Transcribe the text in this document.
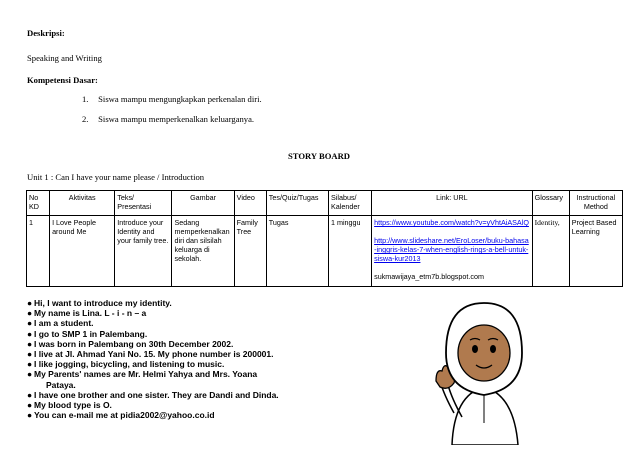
Deskripsi:
Speaking and Writing
Kompetensi Dasar:
1. Siswa mampu mengungkapkan perkenalan diri.
2. Siswa mampu memperkenalkan keluarganya.
STORY BOARD
Unit 1 : Can I have your name please / Introduction
No KD	Aktivitas	Teks/ Presentasi	Gambar	Video	Tes/Quiz/Tugas	Silabus/ Kalender	Link: URL	Glossary	Instructional Method
1	I Love People around Me	Introduce your Identity and your family tree.	Sedang memperkenalkan diri dan silsilah keluarga di sekolah.	Family Tree	Tugas	1 minggu	https://www.youtube.com/watch?v=yVhtAiASAlQ

http://www.slideshare.net/EroLoser/buku-bahasa-inggris-kelas-7-when-english-rings-a-bell-untuk-siswa-kur2013

sukmawijaya_etm7b.blogspot.com	Identity,	Project Based Learning
● Hi, I want to introduce my identity.
● My name is Lina. L - i - n – a
● I am a student.
● I go to SMP 1 in Palembang.
● I was born in Palembang on 30th December 2002.
● I live at Jl. Ahmad Yani No. 15. My phone number is 200001.
● I like jogging, bicycling, and listening to music.
● My Parents' names are Mr. Helmi Yahya and Mrs. Yoana
Pataya.
● I have one brother and one sister. They are Dandi and Dinda.
● My blood type is O.
● You can e-mail me at pidia2002@yahoo.co.id
